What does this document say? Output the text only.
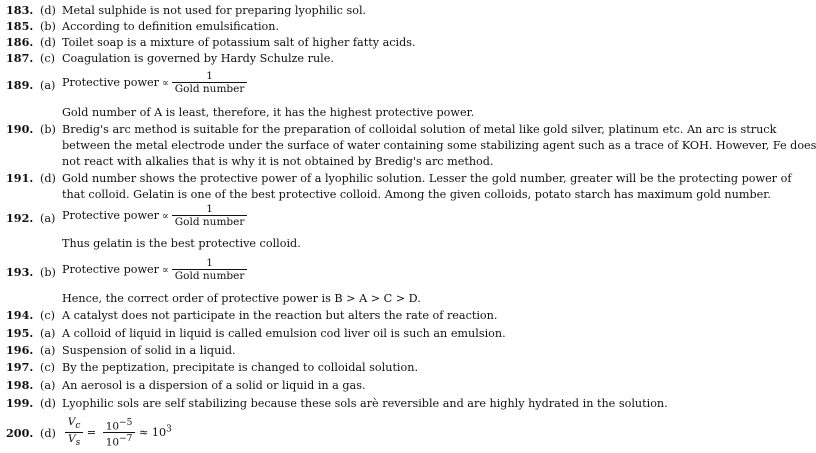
183. (d) Metal sulphide is not used for preparing lyophilic sol.
185. (b) According to definition emulsification.
186. (d) Toilet soap is a mixture of potassium salt of higher fatty acids.
187. (c) Coagulation is governed by Hardy Schulze rule.
189. (a) Protective power ∝ $\frac{1}{\text{Gold number}}$
Gold number of A is least, therefore, it has the highest protective power.
190. (b) Bredig's arc method is suitable for the preparation of colloidal solution of metal like gold silver, platinum etc. An arc is struck
between the metal electrode under the surface of water containing some stabilizing agent such as a trace of KOH. However, Fe does
not react with alkalies that is why it is not obtained by Bredig's arc method.
191. (d) Gold number shows the protective power of a lyophilic solution. Lesser the gold number, greater will be the protecting power of
that colloid. Gelatin is one of the best protective colloid. Among the given colloids, potato starch has maximum gold number.
192. (a) Protective power ∝ $\frac{1}{\text{Gold number}}$
Thus gelatin is the best protective colloid.
193. (b) Protective power ∝ $\frac{1}{\text{Gold number}}$
Hence, the correct order of protective power is B > A > C > D.
194. (c) A catalyst does not participate in the reaction but alters the rate of reaction.
195. (a) A colloid of liquid in liquid is called emulsion cod liver oil is such an emulsion.
196. (a) Suspension of solid in a liquid.
197. (c) By the peptization, precipitate is changed to colloidal solution.
198. (a) An aerosol is a dispersion of a solid or liquid in a gas.
199. (d) Lyophilic sols are self stabilizing because these sols arè reversible and are highly hydrated in the solution.
200. $(d) \frac{V_c}{V_s} = \frac{10^{-5}}{10^{-7}} \approx 10^3$
